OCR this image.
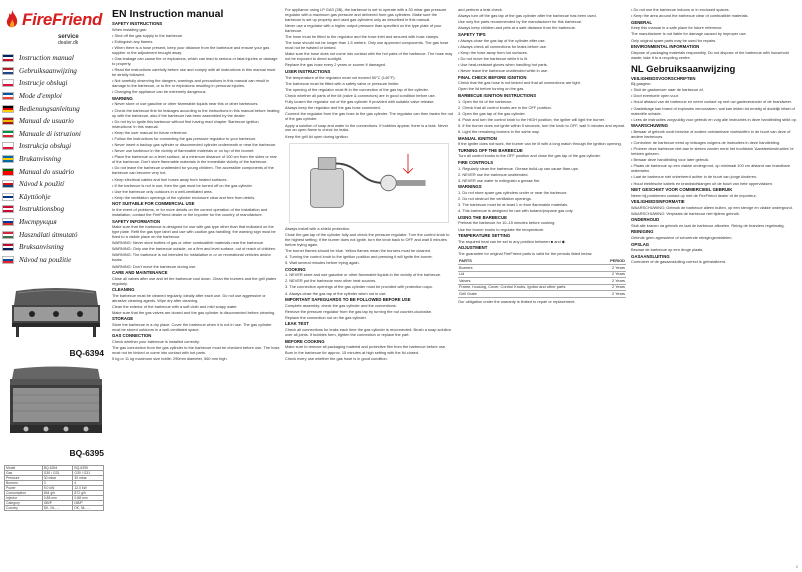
FireFriend
service
dealer.dk
Instruction manual
Gebruiksaanwijzing
Instrucje obsługi
Mode d'emploi
Bedienungsanleitung
Manual de usuario
Manuale di istruzioni
Instrukcja obsługi
Brukanvisning
Manual do usuário
Návod k použití
Käyttöohje
Instruktionsbog
Инструкция
Használati útmutató
Bruksanvisning
Návod na použitie
BQ-6394
BQ-6395
Model	BQ-6394	BQ-6395
Gas	G30 / G31	G30 / G31
Pressure	30 mbar	30 mbar
Burners	3	4
Power	9.0 kW	12.0 kW
Consumption	654 g/h	872 g/h
Injector	0.88 mm	0.88 mm
Category	I3B/P	I3B/P
Country	DK, NL, ...	DK, NL, ...
EN Instruction manual
SAFETY INSTRUCTIONS

When installing gas:

• Shut off the gas supply to the barbecue.

• Extinguish any flames.

• When there is a hose present, keep your distance from the barbecue and ensure your gas supplier or the adjustment brought away.

• Gas leakage can cause fire or explosions, which can lead to serious or fatal injuries or damage to property.

• Read the instructions carefully before use and comply with all instructions in this manual must be strictly followed.

• Not carefully observing the dangers, warnings and precautions in this manual can result in damage to the barbecue, or to fire or explosions resulting in personal injuries.

• Changing the appliance can be extremely dangerous.

WARNING

• Never store or use gasoline or other flammable liquids near this or other barbecues.

• Check the barbecue first for leakages according to the instructions in this manual before heating up with the barbecue, also if the barbecue has been assembled by the dealer.

• Do not try to ignite this barbecue without first having read chapter 'Barbecue ignition instructions' in this manual.

• Keep the user manual for future reference.

• Follow the instructions for connecting the gas pressure regulator to your barbecue.

• Never insert a backup gas cylinder or disconnected cylinder underneath or near the barbecue.

• Never use barbecue in the vicinity of flammable materials or on top of the bonnet.

• Place the barbecue on a level surface, at a minimum distance of 100 cm from the sides or rear of the barbecue. Don't store flammable materials in the immediate vicinity of the barbecue.

• Do not leave the barbecue unattended for young children. The accessible components of the barbecue can become very hot.

• Keep electrical cables and fuel hoses away from heated surfaces.

• If the barbecue is not in use, then the gas must be turned off on the gas cylinder.

• Use the barbecue only outdoors in a well-ventilated area.

• Keep the ventilation openings of the cylinder enclosure clear and free from debris.

NOT SUITABLE FOR COMMERCIAL USE

In the event of problems, or for more details on the correct operation of the installation and installation, contact the FireFriend dealer or the importer for the country of manufacture.

SAFETY INFORMATION

Make sure that the barbecue is designed for use with gas type other than that indicated on the type plate. Refit the gas type label and use with caution gas handling; the warning sign must be fixed to a visible place on the barbecue.

WARNING: Never store bottles of gas or other combustible materials near the barbecue.

WARNING: Only use the barbecue outside, on a firm and level surface, out of reach of children.

WARNING: The barbecue is not intended for installation in or on recreational vehicles and/or boats.

WARNING: Don't move the barbecue during use.

CARE AND MAINTENANCE

Close all valves after use and let the barbecue cool down. Clean the burners and the grill plates regularly.

CLEANING

The barbecue must be cleaned regularly, ideally after each use. Do not use aggressive or abrasive cleaning agents. Wipe dry after cleaning.

Clean the exterior of the barbecue with a soft cloth and mild soapy water.

Make sure that the gas valves are closed and the gas cylinder is disconnected before cleaning.

STORAGE

Store the barbecue in a dry place. Cover the barbecue when it is not in use. The gas cylinder must be stored outdoors in a well-ventilated space.

GAS CONNECTION

Check whether your barbecue is installed correctly.

The gas connection from the gas cylinder to the barbecue must be checked before use. The hose must not be kinked or come into contact with hot parts.

5 kg or 11 kg maximum size bottle: 290mm diameter, 560 mm high.

For appliance using LP GAS (3B), the barbecue is set to operate with a 30 mbar gas pressure regulator with a maximum gas pressure and delivered from gas cylinders. Make sure the barbecue is set up properly and used gas cylinders only as described in this manual.

Never use a regulator with a higher output pressure than specified on the type plate of your barbecue.

The hose must be fitted to the regulator and the hose inlet and secured with hose clamps.

The hose should not be longer than 1.5 meters. Only use approved components. The gas hose must not be twisted or kinked.

Make sure the hose does not come into contact with the hot parts of the barbecue. The hose may not be exposed to direct sunlight.

Replace the gas hose every 2 years or sooner if damaged.

USER INSTRUCTIONS

The temperature of the regulator must not exceed 50°C (140°F).

The barbecue must be fitted with a safety valve or pressure limiter.

The opening of the regulator must fit in the connection of the gas tap of the cylinder.

Check whether all parts of the kit (valve & connectors) are in good condition before use.

Fully loosen the regulator nut of the gas cylinder if provided with suitable valve release.

Always keep the regulator and the gas hose connected.

Connect the regulator from the gas hose to the gas cylinder. The regulator can then fasten the nut of the gas cylinder.

Apply a solution of soap and water to the connections. If bubbles appear, there is a leak. Never use an open flame to check for leaks.

Keep the grill lid open during ignition.

Always install with a shield protection.

Close the gas tap of the cylinder fully and check the pressure regulator. Turn the control knob to the highest setting; if the burner does not ignite, turn the knob back to OFF and wait 5 minutes before trying again.

The burner flames should be blue. Yellow flames mean the burners must be cleaned.

4. Turning the control knob to the ignition position and pressing it will ignite the burner.

5. Wait several minutes before trying again.

COOKING

1. NEVER store and use gasoline or other flammable liquids in the vicinity of the barbecue.

2. NEVER put the barbecue near other heat sources.

3. The connection openings of the gas cylinder must be provided with protection caps.

4. Always close the gas tap of the cylinder when not in use.

IMPORTANT SAFEGUARDS TO BE FOLLOWED BEFORE USE

Complete assembly: check the gas cylinder and the connections.

Remove the pressure regulator from the gas tap by turning the nut counter-clockwise.

Replace the connection nut on the gas cylinder.

LEAK TEST

Check all connections for leaks each time the gas cylinder is reconnected. Brush a soap solution over all joints. If bubbles form, tighten the connection or replace the part.

BEFORE COOKING

Make sure to remove all packaging material and protective film from the barbecue before use.

Burn in the barbecue for approx. 15 minutes at high setting with the lid closed.

Check every use whether the gas hose is in good condition.

and perform a leak check.

Always turn off the gas tap of the gas cylinder after the barbecue has been used.

Use only the parts recommended by the manufacturer for this barbecue.

Always keep children and pets at a safe distance from the barbecue.

SAFETY TIPS

• Always close the gas tap of the cylinder after use.

• Always check all connections for leaks before use.

• Keep the hose away from hot surfaces.

• Do not move the barbecue while it is lit.

• Use heat-resistant gloves when handling hot parts.

• Never leave the barbecue unattended while in use.

FINAL CHECK BEFORE IGNITION

Check that the gas hose is not kinked and that all connections are tight.

Open the lid before turning on the gas.

BARBECUE IGNITION INSTRUCTIONS

1. Open the lid of the barbecue.

2. Check that all control knobs are in the OFF position.

3. Open the gas tap of the gas cylinder.

4. Push and turn the control knob to the HIGH position; the igniter will light the burner.

5. If the burner does not ignite within 5 seconds, turn the knob to OFF, wait 5 minutes and repeat.

6. Light the remaining burners in the same way.

MANUAL IGNITION

If the igniter does not work, the burner can be lit with a long match through the ignition opening.

TURNING OFF THE BARBECUE

Turn all control knobs to the OFF position and close the gas tap of the gas cylinder.

FIRE CONTROLS

1. Regularly clean the barbecue. Grease build-up can cause flare-ups.

2. NEVER use the barbecue unattended.

3. NEVER use water to extinguish a grease fire.

WARNINGS

1. Do not store spare gas cylinders under or near the barbecue.

2. Do not obstruct the ventilation openings.

3. The barbecue must be at least 1 m from flammable materials.

4. This barbecue is designed for use with butane/propane gas only.

USING THE BARBECUE

Preheat the barbecue for 10–15 minutes before cooking.

Use the burner knobs to regulate the temperature.

TEMPERATURE SETTING

The required heat can be set to any position between ■ and ◆.

ADJUSTMENT

The guarantee for original FireFriend parts is valid for the periods listed below.

PARTS	PERIOD
Burners	2 Years
Lid	2 Years
Valves	2 Years
Frame, housing, Cover, Control Knobs, Ignitor and other parts	2 Years
Grill Grate	2 Years

Our obligation under the warranty is limited to repair or replacement.

• Do not use the barbecue indoors or in enclosed spaces.

• Keep the area around the barbecue clear of combustible materials.

GENERAL

Keep this manual in a safe place for future reference.

The manufacturer is not liable for damage caused by improper use.

Only original spare parts may be used for repairs.

ENVIRONMENTAL INFORMATION

Dispose of packaging materials responsibly. Do not dispose of the barbecue with household waste; take it to a recycling centre.

NL Gebruiksaanwijzing
VEILIGHEIDSVOORSCHRIFTEN

Bij gasgeur:

• Sluit de gastoevoer naar de barbecue af.

• Doof eventuele open vuur.

• Houd afstand van de barbecue en neem contact op met uw gasleverancier of de brandweer.

• Gaslekkage kan brand of explosies veroorzaken, wat kan leiden tot ernstig of dodelijk letsel of materiële schade.

• Lees de instructies zorgvuldig voor gebruik en volg alle instructies in deze handleiding strikt op.

WAARSCHUWING

• Bewaar of gebruik nooit benzine of andere ontvlambare vloeistoffen in de buurt van deze of andere barbecues.

• Controleer de barbecue eerst op lekkages volgens de instructies in deze handleiding.

• Probeer deze barbecue niet aan te steken zonder eerst het hoofdstuk 'Aansteekinstructies' te hebben gelezen.

• Bewaar deze handleiding voor later gebruik.

• Plaats de barbecue op een vlakke ondergrond, op minimaal 100 cm afstand van brandbare materialen.

• Laat de barbecue niet onbeheerd achter in de buurt van jonge kinderen.

• Houd elektrische kabels en brandstofslangen uit de buurt van hete oppervlakken.

NIET GESCHIKT VOOR COMMERCIEEL GEBRUIK

Neem bij problemen contact op met de FireFriend dealer of de importeur.

VEILIGHEIDSINFORMATIE

WAARSCHUWING: Gebruik de barbecue alleen buiten, op een stevige en vlakke ondergrond.

WAARSCHUWING: Verplaats de barbecue niet tijdens gebruik.

ONDERHOUD

Sluit alle kranen na gebruik en laat de barbecue afkoelen. Reinig de branders regelmatig.

REINIGING

Gebruik geen agressieve of schurende reinigingsmiddelen.

OPSLAG

Bewaar de barbecue op een droge plaats.

GASAANSLUITING

Controleer of de gasaansluiting correct is geïnstalleerd.

2
